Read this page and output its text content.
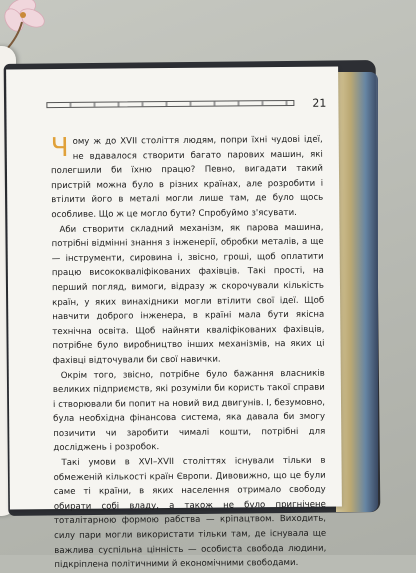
21

Чому ж до XVII століття людям, попри їхні чудові ідеї, не вдавалося створити багато парових машин, які полегшили би їхню працю? Певно, вигадати такий пристрій можна було в різних країнах, але розробити і втілити його в металі могли лише там, де було щось особливе. Що ж це могло бути? Спробуймо з'ясувати.

Аби створити складний механізм, як парова машина, потрібні відмінні знання з інженерії, обробки металів, а ще — інструменти, сировина і, звісно, гроші, щоб оплатити працю висококваліфікованих фахівців. Такі прості, на перший погляд, вимоги, відразу ж скорочували кількість країн, у яких винахідники могли втілити свої ідеї. Щоб навчити доброго інженера, в країні мала бути якісна технічна освіта. Щоб найняти кваліфікованих фахівців, потрібне було виробництво інших механізмів, на яких ці фахівці відточували би свої навички.

Окрім того, звісно, потрібне було бажання власників великих підприємств, які розуміли би користь такої справи і створювали би попит на новий вид двигунів. І, безумовно, була необхідна фінансова система, яка давала би змогу позичити чи заробити чималі кошти, потрібні для досліджень і розробок.

Такі умови в XVI–XVII століттях існували тільки в обмеженій кількості країн Європи. Дивовижно, що це були саме ті країни, в яких населення отримало свободу обирати собі владу, а також не було пригнічене тоталітарною формою рабства — кріпацтвом. Виходить, силу пари могли використати тільки там, де існувала ще важлива суспільна цінність — особиста свобода людини, підкріплена політичними й економічними свободами.
